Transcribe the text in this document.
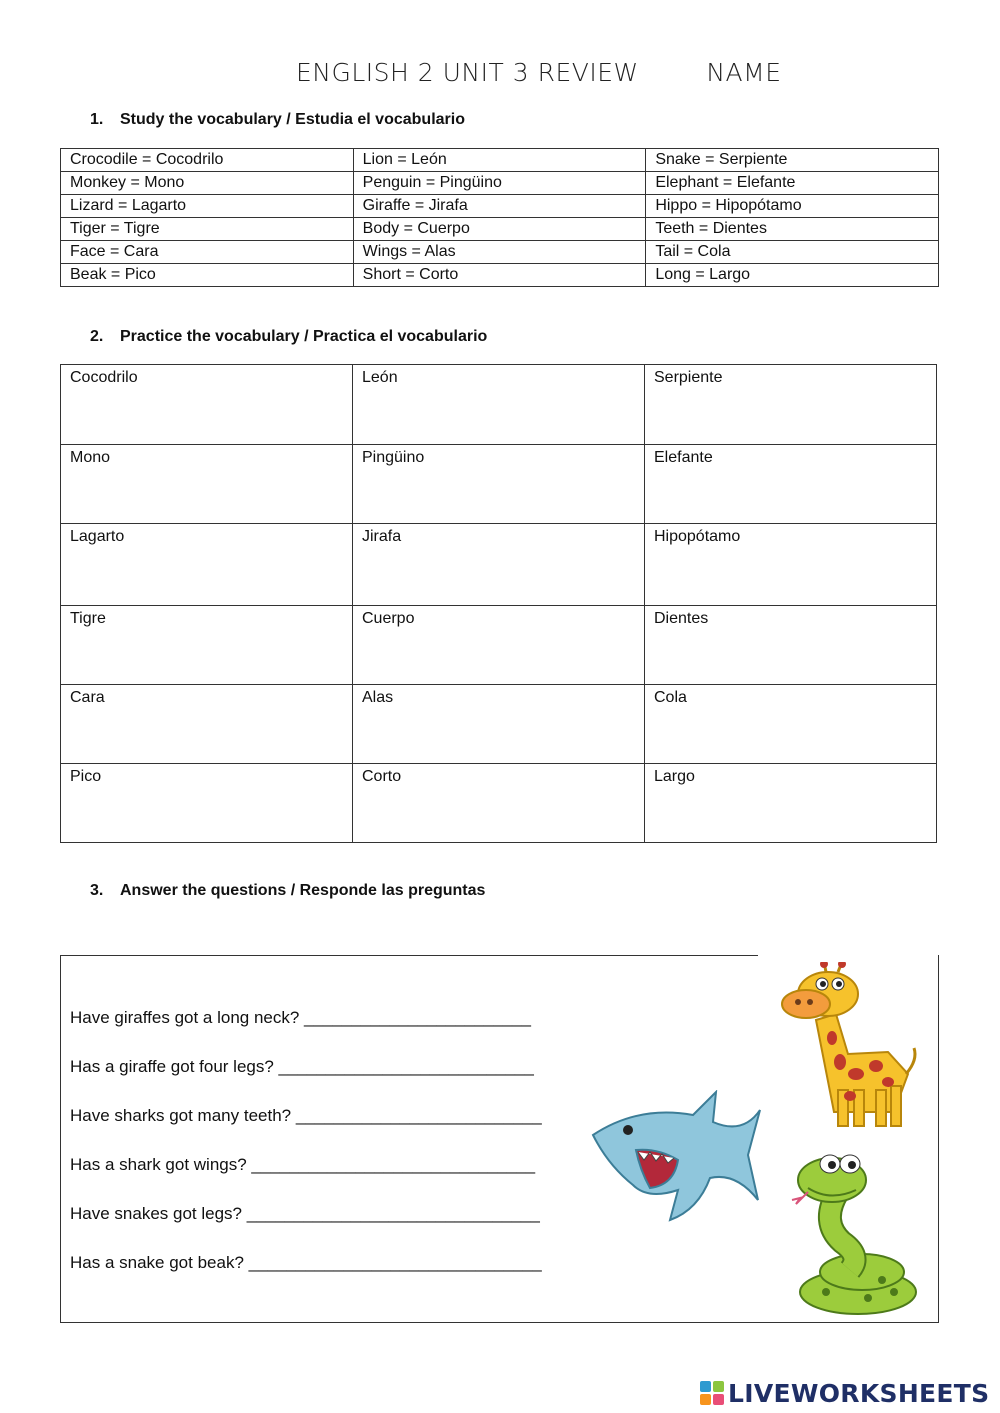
ENGLISH 2 UNIT 3 REVIEW	NAME
1. Study the vocabulary / Estudia el vocabulario
Crocodile = Cocodrilo	Lion = León	Snake = Serpiente
Monkey = Mono	Penguin = Pingüino	Elephant = Elefante
Lizard = Lagarto	Giraffe = Jirafa	Hippo = Hipopótamo
Tiger = Tigre	Body = Cuerpo	Teeth = Dientes
Face = Cara	Wings = Alas	Tail = Cola
Beak = Pico	Short = Corto	Long = Largo
2. Practice the vocabulary / Practica el vocabulario
Cocodrilo	León	Serpiente
Mono	Pingüino	Elefante
Lagarto	Jirafa	Hipopótamo
Tigre	Cuerpo	Dientes
Cara	Alas	Cola
Pico	Corto	Largo
3. Answer the questions / Responde las preguntas
Have giraffes got a long neck? ________________________
Has a giraffe got four legs? ___________________________
Have sharks got many teeth? __________________________
Has a shark got wings? ______________________________
Have snakes got legs? _______________________________
Has a snake got beak? _______________________________
LIVEWORKSHEETS
